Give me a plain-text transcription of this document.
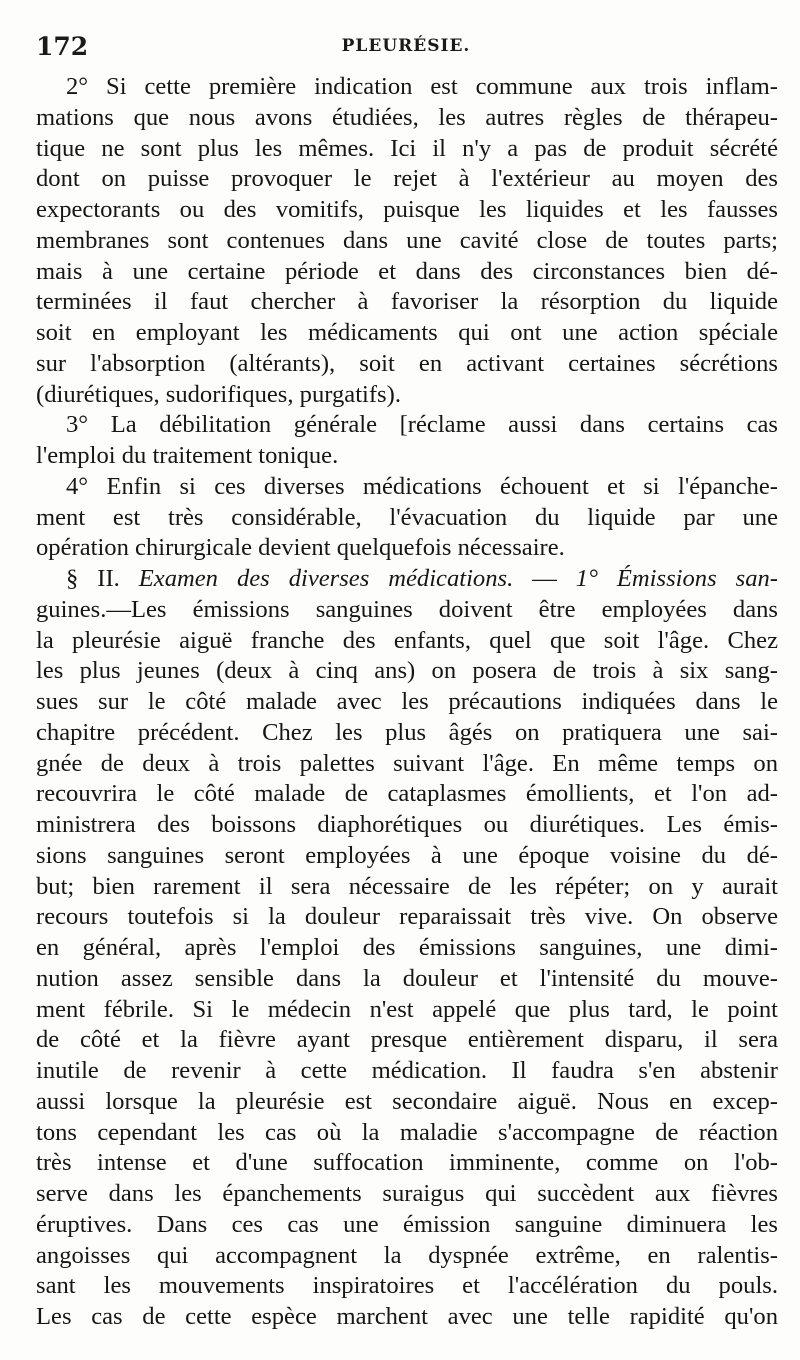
172	PLEURÉSIE.
2° Si cette première indication est commune aux trois inflam-
mations que nous avons étudiées, les autres règles de thérapeu-
tique ne sont plus les mêmes. Ici il n'y a pas de produit sécrété
dont on puisse provoquer le rejet à l'extérieur au moyen des
expectorants ou des vomitifs, puisque les liquides et les fausses
membranes sont contenues dans une cavité close de toutes parts;
mais à une certaine période et dans des circonstances bien dé-
terminées il faut chercher à favoriser la résorption du liquide
soit en employant les médicaments qui ont une action spéciale
sur l'absorption (altérants), soit en activant certaines sécrétions
(diurétiques, sudorifiques, purgatifs).
3° La débilitation générale [réclame aussi dans certains cas
l'emploi du traitement tonique.
4° Enfin si ces diverses médications échouent et si l'épanche-
ment est très considérable, l'évacuation du liquide par une
opération chirurgicale devient quelquefois nécessaire.
§ II. Examen des diverses médications. — 1° Émissions san-
guines.—Les émissions sanguines doivent être employées dans
la pleurésie aiguë franche des enfants, quel que soit l'âge. Chez
les plus jeunes (deux à cinq ans) on posera de trois à six sang-
sues sur le côté malade avec les précautions indiquées dans le
chapitre précédent. Chez les plus âgés on pratiquera une sai-
gnée de deux à trois palettes suivant l'âge. En même temps on
recouvrira le côté malade de cataplasmes émollients, et l'on ad-
ministrera des boissons diaphorétiques ou diurétiques. Les émis-
sions sanguines seront employées à une époque voisine du dé-
but; bien rarement il sera nécessaire de les répéter; on y aurait
recours toutefois si la douleur reparaissait très vive. On observe
en général, après l'emploi des émissions sanguines, une dimi-
nution assez sensible dans la douleur et l'intensité du mouve-
ment fébrile. Si le médecin n'est appelé que plus tard, le point
de côté et la fièvre ayant presque entièrement disparu, il sera
inutile de revenir à cette médication. Il faudra s'en abstenir
aussi lorsque la pleurésie est secondaire aiguë. Nous en excep-
tons cependant les cas où la maladie s'accompagne de réaction
très intense et d'une suffocation imminente, comme on l'ob-
serve dans les épanchements suraigus qui succèdent aux fièvres
éruptives. Dans ces cas une émission sanguine diminuera les
angoisses qui accompagnent la dyspnée extrême, en ralentis-
sant les mouvements inspiratoires et l'accélération du pouls.
Les cas de cette espèce marchent avec une telle rapidité qu'on
